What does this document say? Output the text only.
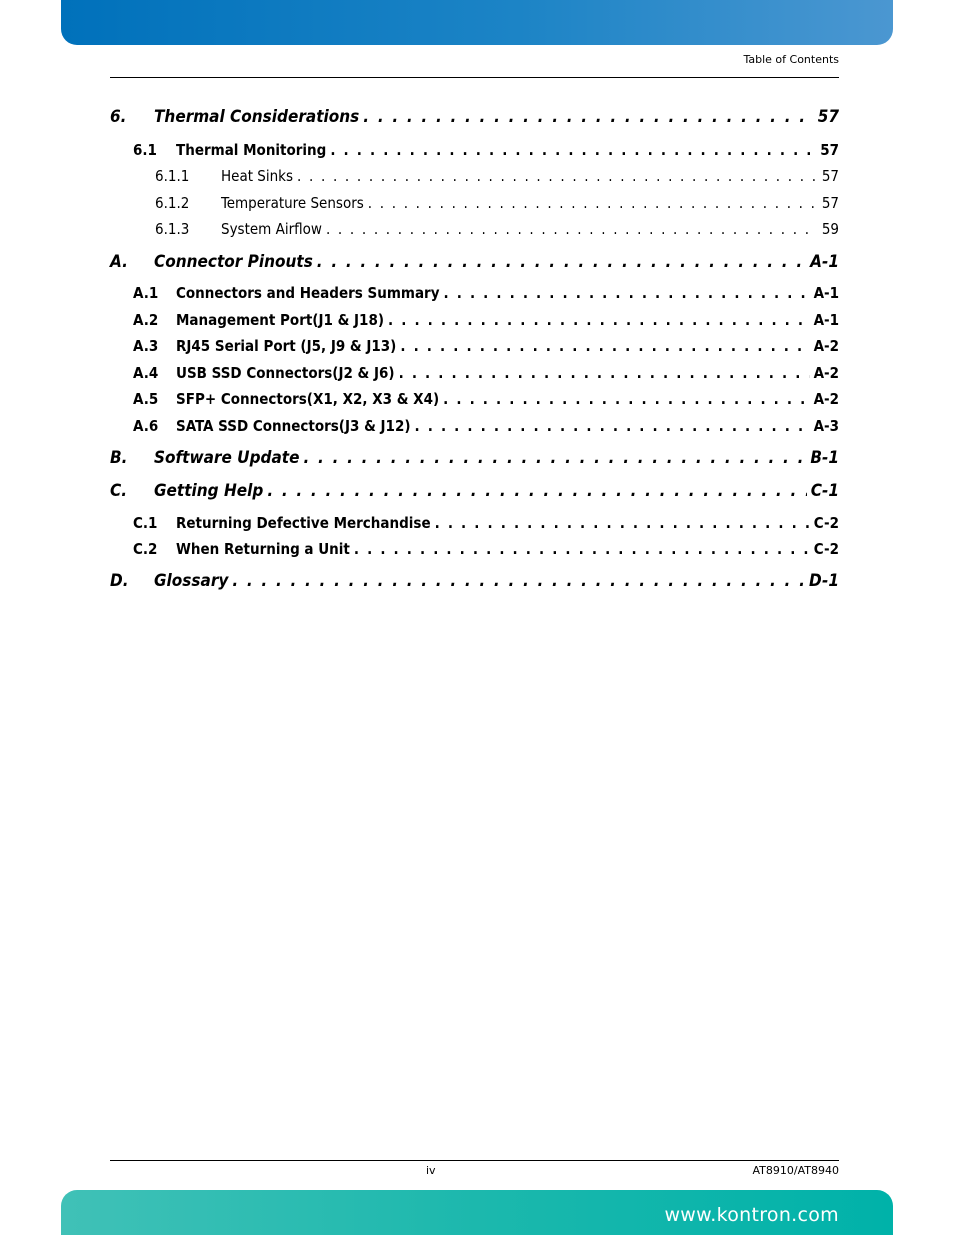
Table of Contents
6.	Thermal Considerations . . .	57
6.1	Thermal Monitoring . . .	57
6.1.1	Heat Sinks . . .	57
6.1.2	Temperature Sensors . . .	57
6.1.3	System Airflow . . .	59
A.	Connector Pinouts . . .	A-1
A.1	Connectors and Headers Summary . . .	A-1
A.2	Management Port(J1 & J18) . . .	A-1
A.3	RJ45 Serial Port (J5, J9 & J13) . . .	A-2
A.4	USB SSD Connectors(J2 & J6) . . .	A-2
A.5	SFP+ Connectors(X1, X2, X3 & X4) . . .	A-2
A.6	SATA SSD Connectors(J3 & J12) . . .	A-3
B.	Software Update . . .	B-1
C.	Getting Help . . .	C-1
C.1	Returning Defective Merchandise . . .	C-2
C.2	When Returning a Unit . . .	C-2
D.	Glossary . . .	D-1
iv	AT8910/AT8940
www.kontron.com
